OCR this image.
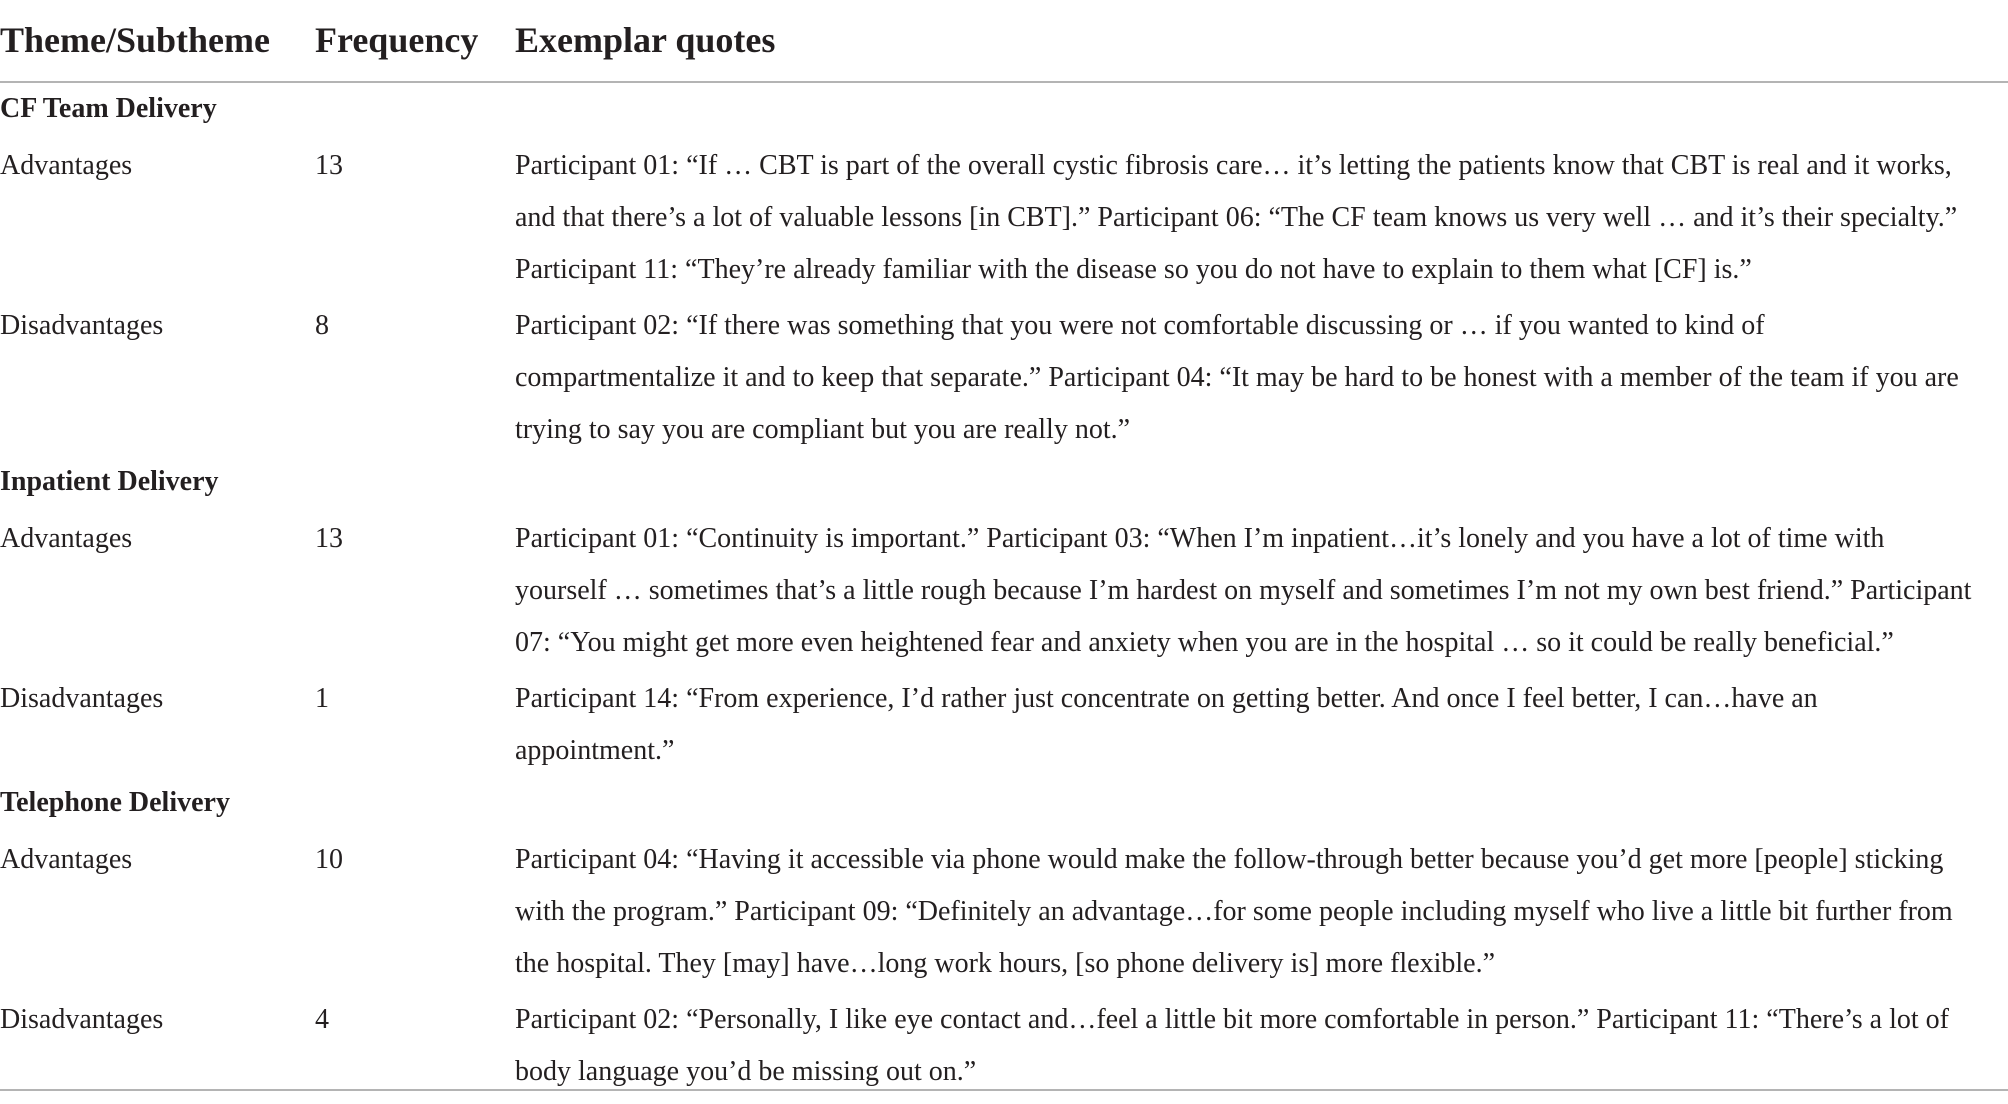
Theme/Subtheme Frequency Exemplar quotes
CF Team Delivery
Advantages	13	Participant 01: “If … CBT is part of the overall cystic fibrosis care… it’s letting the patients know that CBT is real and it works,
and that there’s a lot of valuable lessons [in CBT].” Participant 06: “The CF team knows us very well … and it’s their specialty.”
Participant 11: “They’re already familiar with the disease so you do not have to explain to them what [CF] is.”
Disadvantages	8	Participant 02: “If there was something that you were not comfortable discussing or … if you wanted to kind of
compartmentalize it and to keep that separate.” Participant 04: “It may be hard to be honest with a member of the team if you are
trying to say you are compliant but you are really not.”
Inpatient Delivery
Advantages	13	Participant 01: “Continuity is important.” Participant 03: “When I’m inpatient…it’s lonely and you have a lot of time with
yourself … sometimes that’s a little rough because I’m hardest on myself and sometimes I’m not my own best friend.” Participant
07: “You might get more even heightened fear and anxiety when you are in the hospital … so it could be really beneficial.”
Disadvantages	1	Participant 14: “From experience, I’d rather just concentrate on getting better. And once I feel better, I can…have an
appointment.”
Telephone Delivery
Advantages	10	Participant 04: “Having it accessible via phone would make the follow-through better because you’d get more [people] sticking
with the program.” Participant 09: “Definitely an advantage…for some people including myself who live a little bit further from
the hospital. They [may] have…long work hours, [so phone delivery is] more flexible.”
Disadvantages	4	Participant 02: “Personally, I like eye contact and…feel a little bit more comfortable in person.” Participant 11: “There’s a lot of
body language you’d be missing out on.”
